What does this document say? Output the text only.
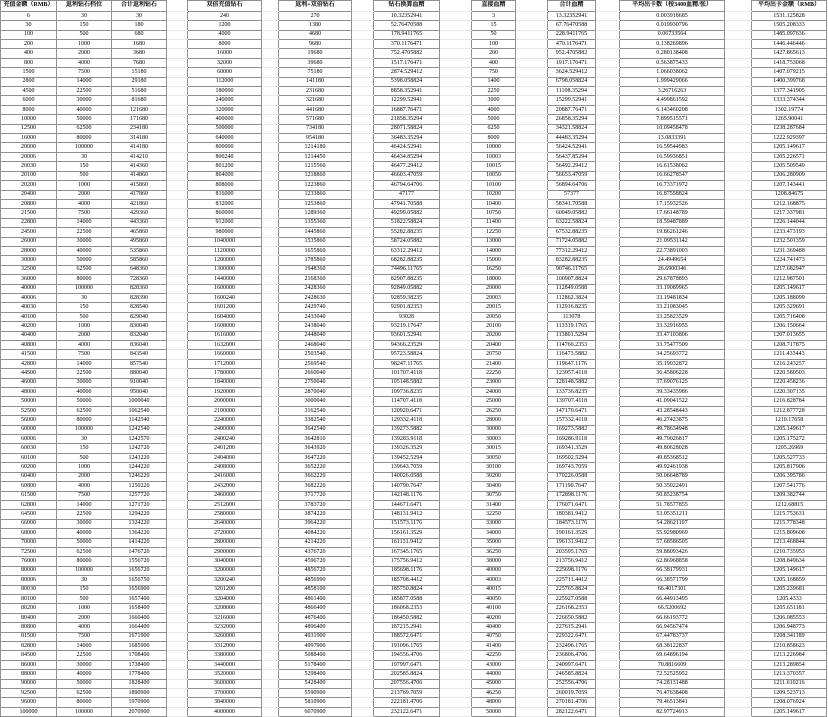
充值金额（RMB）	返利钻石档位	合计返利钻石		双倍充值钻石		返利+双倍钻石		钻石换算血精		直接血精		合计血精		平均出卡数（按3400血精/张）		平均出卡金额（RMB）
6	30	30		240		270		10.32352941		3		13.32352941		0.003918685		1531.125828
30	150	180		1200		1380		52.76470588		15		67.76470588		0.019930796		1505.208333
100	500	680		4000		4680		178.9411765		50		228.9411765		0.06733564		1485.097636
200	1000	1680		8000		9680		370.1176471		100		470.1176471		0.138269896		1446.446446
400	2000	3680		16000		19680		752.4705882		200		952.4705882		0.280138408		1427.865613
800	4000	7680		32000		39680		1517.176471		400		1917.176471		0.563875433		1418.753068
1500	7500	15180		60000		75180		2874.529412		750		3624.529412		1.066038062		1407.079215
2800	14000	29180		112000		141180		5398.058824		1400		6798.058824		1.999429066		1400.399768
4500	22500	51680		180000		231680		8858.352941		2250		11108.35294		3.26716263		1377.341905
6000	30000	81680		240000		321680		12299.52941		3000		15299.52941		4.499861592		1333.374344
8000	40000	121680		320000		441680		16887.76471		4000		20887.76471		6.143460208		1302.19774
10000	50000	171680		400000		571680		21858.35294		5000		26858.35294		7.899515571		1265.90041
12500	62500	234180		500000		734180		28071.58824		6250		34321.58824		10.09458478		1238.287684
16000	80000	314180		640000		954180		36483.35294		8000		44483.35294		13.0833391		1222.929397
20000	100000	414180		800000		1214180		46424.52941		10000		56424.52941		16.59544983		1205.149617
20006	30	414210		800240		1214450		46434.85294		10003		56437.85294		16.59936851		1205.226571
20030	150	414360		801200		1215560		46477.29412		10015		56492.29412		16.61538062		1205.509549
20100	500	414860		804000		1218860		46603.47059		10050		56653.47059		16.66278547		1206.280909
20200	1000	415860		808000		1223860		46794.64706		10100		56894.64706		16.73371972		1207.143441
20400	2000	417860		816000		1233860		47177		10200		57377		16.87558824		1208.84675
20800	4000	421860		832000		1253860		47941.70588		10400		58341.70588		17.15932526		1212.168875
21500	7500	429360		860000		1289360		49299.05882		10750		60049.05882		17.66148789		1217.337981
22800	14000	443360		912000		1355360		51822.58824		11400		63222.58824		18.59487889		1226.144044
24500	22500	465860		980000		1445860		55282.88235		12250		67532.88235		19.86261246		1233.473193
26000	30000	495860		1040000		1535860		58724.05882		13000		71724.05882		21.09531142		1232.501359
28000	40000	535860		1120000		1655860		63312.29412		14000		77312.29412		22.73891003		1231.369488
30000	50000	585860		1200000		1785860		68282.88235		15000		83282.88235		24.4949654		1224.741473
32500	62500	648360		1300000		1948360		74496.11765		16250		90746.11765		26.6900346		1217.682947
36000	80000	728360		1440000		2168360		82907.88235		18000		100907.8824		29.67878893		1212.987501
40000	100000	828360		1600000		2428360		92849.05882		20000		112849.0588		33.19089965		1205.149617
40006	30	828390		1600240		2428630		92859.38235		20003		112862.3824		33.19481834		1205.188099
40030	150	828540		1601200		2429740		92901.82353		20015		112916.8235		33.21083045		1205.329691
40100	500	829040		1604000		2433040		93028		20050		113078		33.25823529		1205.716408
40200	1000	830040		1608000		2438040		93219.17647		20100		113319.1765		33.32916955		1206.150664
40400	2000	832040		1616000		2448040		93601.52941		20200		113801.5294		33.47103806		1207.013655
40800	4000	836040		1632000		2468040		94366.23529		20400		114766.2353		33.75477509		1208.717875
41500	7500	843540		1660000		2503540		95723.58824		20750		116473.5882		34.25693772		1211.433443
42800	14000	857540		1712000		2569540		98247.11765		21400		119647.1176		35.19032872		1216.243257
44500	22500	880040		1780000		2660040		101707.4118		22250		123957.4118		36.45806228		1220.580503
46000	30000	910040		1840000		2750040		105148.5882		23000		128148.5882		37.69076125		1220.458236
48000	40000	950040		1920000		2870040		109736.8235		24000		133736.8235		39.33435986		1220.307135
50000	50000	1000040		2000000		3000040		114707.4118		25000		139707.4118		41.09041522		1216.828784
52500	62500	1062540		2100000		3162540		120920.6471		26250		147170.6471		43.28548443		1212.877728
56000	80000	1142540		2240000		3382540		129332.4118		28000		157332.4118		46.27423875		1210.17658
60000	100000	1242540		2400000		3642540		139273.5882		30000		169273.5882		49.78634948		1205.149617
60006	30	1242570		2400240		3642810		139283.9118		30003		169286.9118		49.79026817		1205.175272
60030	150	1242720		2401200		3643920		139326.3529		30015		169341.3529		49.80628028		1205.26969
60100	500	1243220		2404000		3647220		139452.5294		30050		169502.5294		49.85368512		1205.527733
60200	1000	1244220		2408000		3652220		139643.7059		30100		169743.7059		49.92461938		1205.817906
60400	2000	1246220		2416000		3662220		140026.0588		30200		170226.0588		50.06648789		1206.395786
60800	4000	1250220		2432000		3682220		140790.7647		30400		171190.7647		50.35022491		1207.541776
61500	7500	1257720		2460000		3717720		142148.1176		30750		172898.1176		50.85238754		1209.382744
62800	14000	1271720		2512000		3783720		144671.6471		31400		176071.6471		51.78577855		1212.68815
64500	22500	1294220		2580000		3874220		148131.9412		32250		180381.9412		53.05351211		1215.753631
66000	30000	1324220		2640000		3964220		151573.1176		33000		184573.1176		54.28621107		1215.778348
68000	40000	1364220		2720000		4084220		156161.3529		34000		190161.3529		55.92980969		1215.809608
70000	50000	1414220		2800000		4214220		161131.9412		35000		196131.9412		57.68586505		1213.468844
72500	62500	1476720		2900000		4376720		167345.1765		36250		203595.1765		59.88093426		1210.735953
76000	80000	1556720		3040000		4596720		175756.9412		38000		213756.9412		62.86968858		1208.849634
80000	100000	1656720		3200000		4856720		185698.1176		40000		225698.1176		66.38179931		1205.149617
80006	30	1656750		3200240		4856990		185708.4412		40003		225711.4412		66.38571799		1205.168859
80030	150	1656900		3201200		4858100		185750.8824		40015		225765.8824		66.4017301		1205.239681
80100	500	1657400		3204000		4861400		185877.0588		40050		225927.0588		66.44913495		1205.4333
80200	1000	1658400		3208000		4866400		186068.2353		40100		226168.2353		66.5200692		1205.651181
80400	2000	1660400		3216000		4876400		186450.5882		40200		226650.5882		66.66193772		1206.085553
80800	4000	1664400		3232000		4896400		187215.2941		40400		227615.2941		66.94567474		1206.948773
81500	7500	1671900		3260000		4931900		188572.6471		40750		229322.6471		67.44783737		1208.341189
82800	14000	1685900		3312000		4997900		191096.1765		41400		232496.1765		68.38122837		1210.858623
84500	22500	1708400		3380000		5088400		194556.4706		42250		236806.4706		69.64896194		1213.226984
86000	30000	1738400		3440000		5178400		197997.6471		43000		240997.6471		70.8816609		1213.289854
88000	40000	1778400		3520000		5298400		202585.8824		44000		246585.8824		72.52525952		1213.370357
90000	50000	1828400		3600000		5428400		207556.4706		45000		252556.4706		74.28131488		1211.610216
92500	62500	1890900		3700000		5590900		213769.7059		46250		260019.7059		76.47638408		1209.523713
96000	80000	1970900		3840000		5810900		222181.4706		48000		270181.4706		79.46513841		1208.076924
100000	100000	2070900		4000000		6070900		232122.6471		50000		282122.6471		82.97724913		1205.149617
